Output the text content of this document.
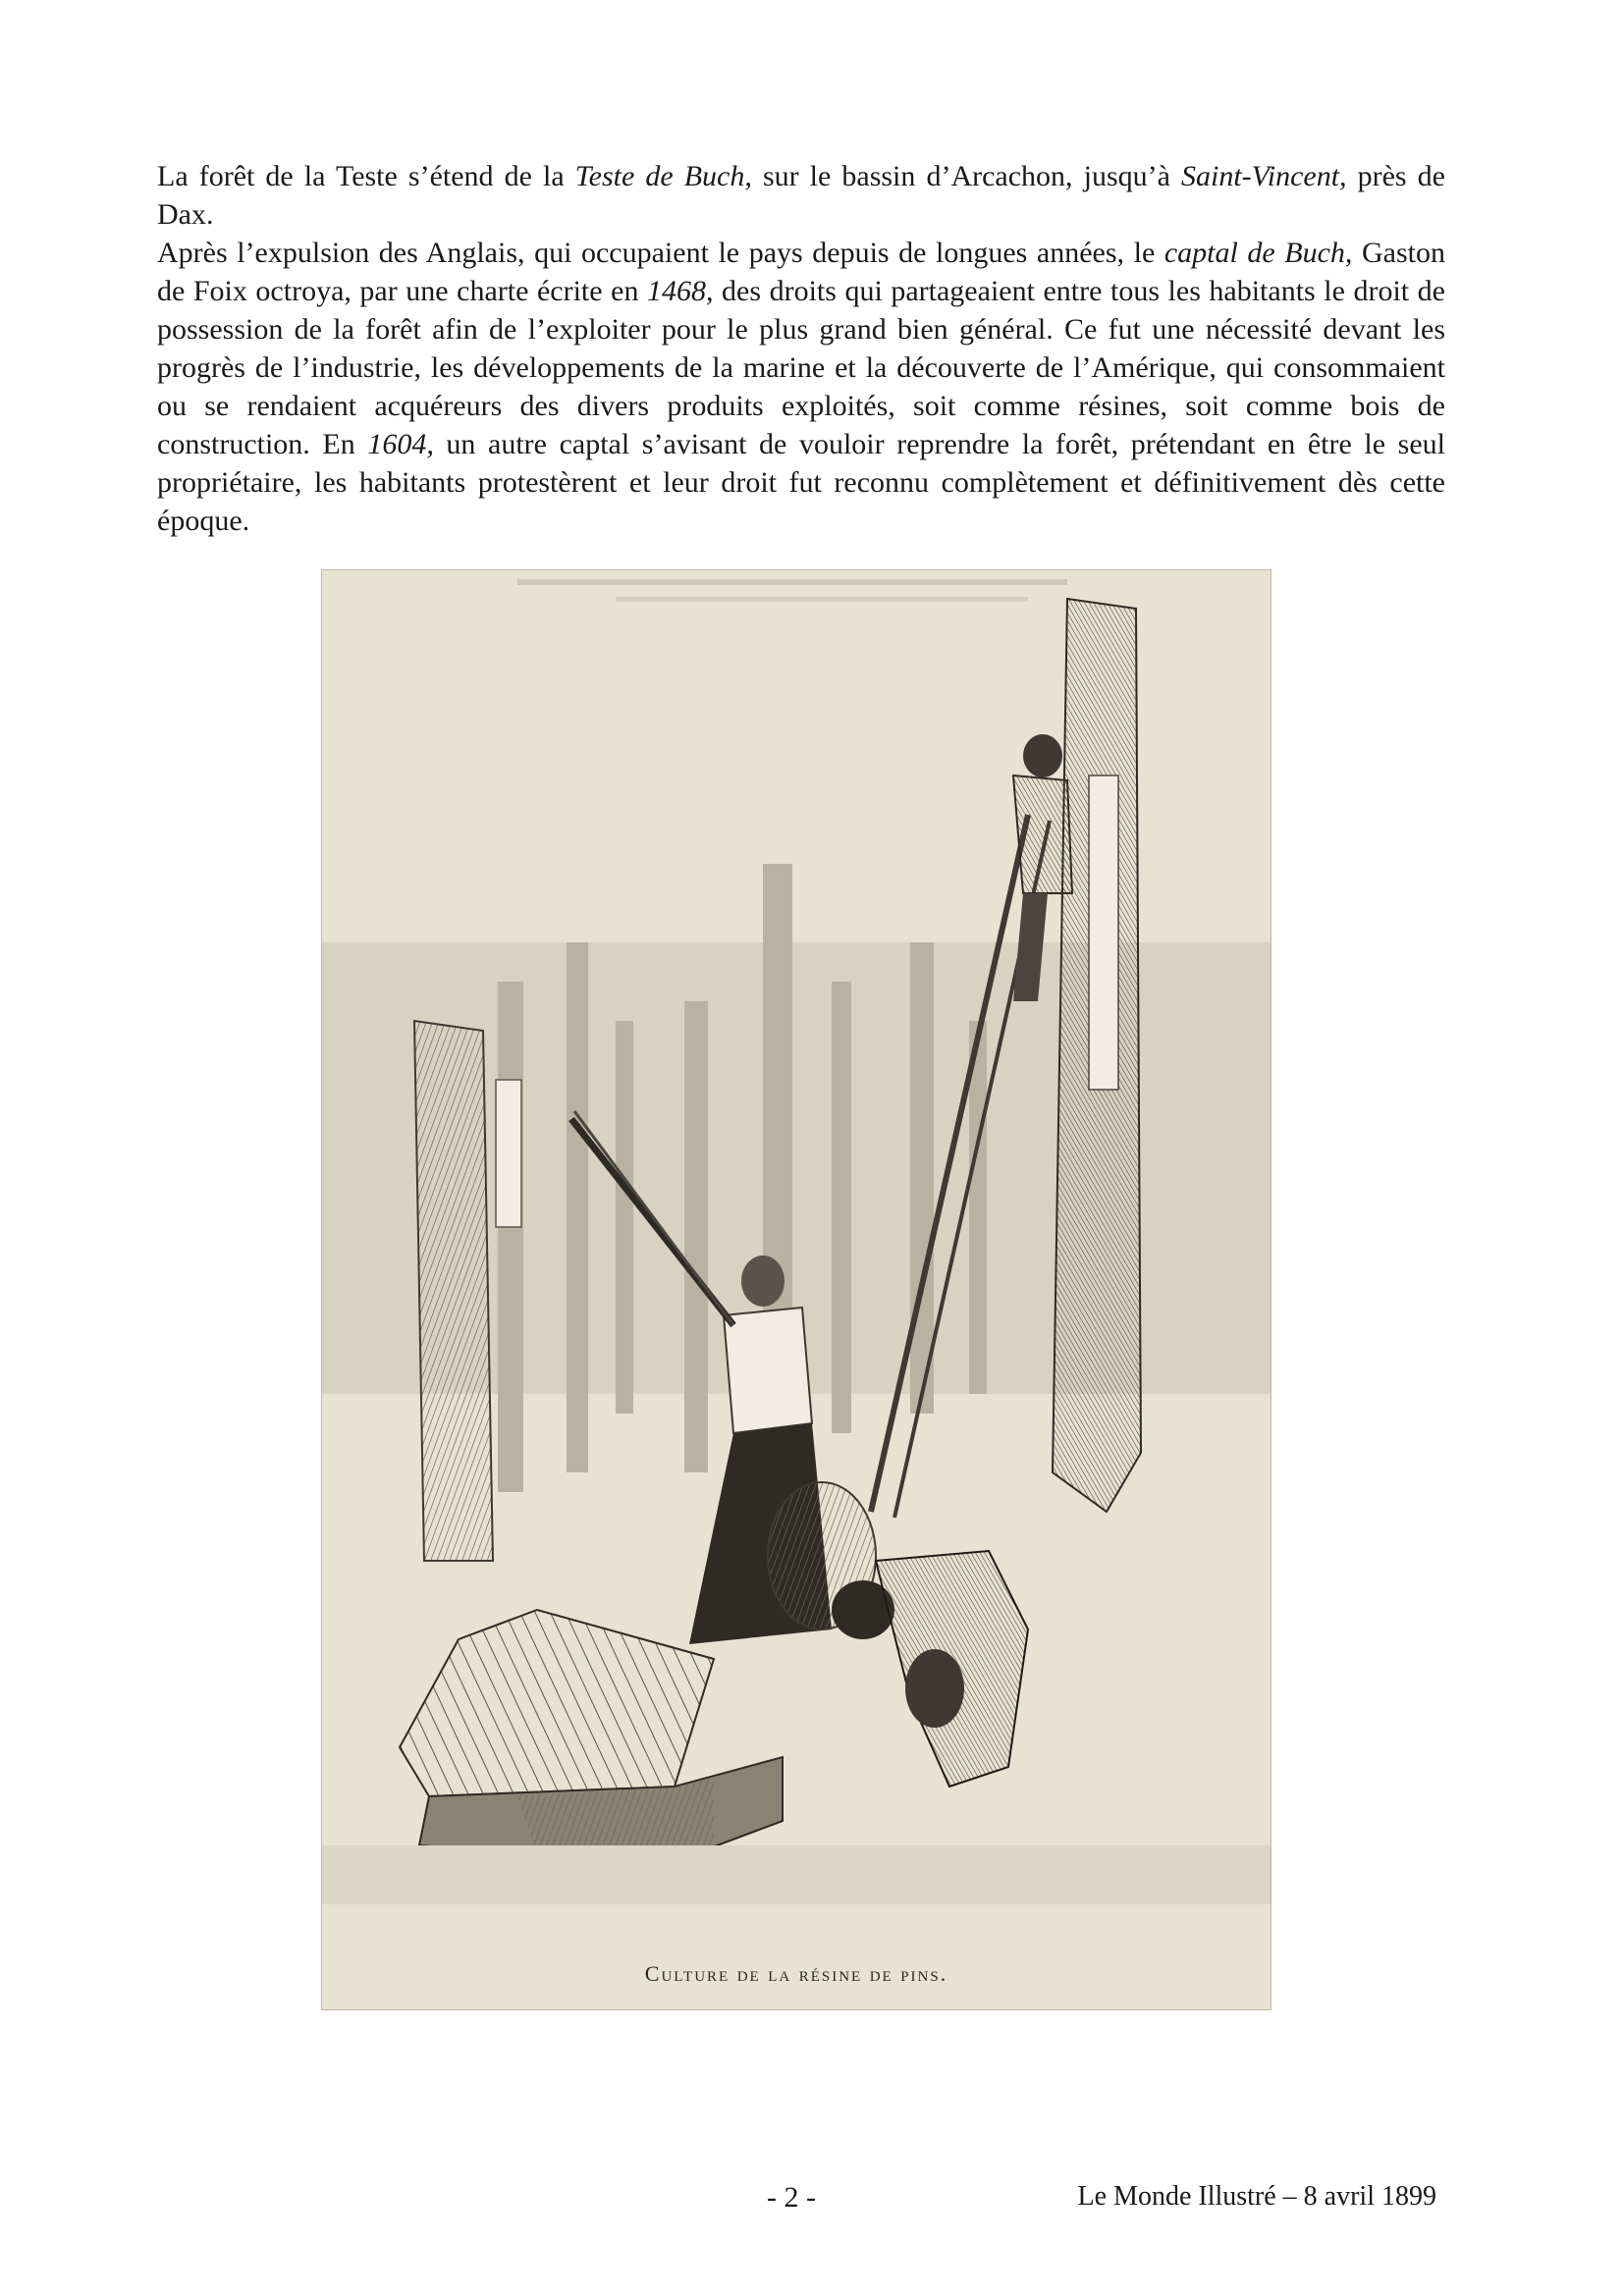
La forêt de la Teste s’étend de la Teste de Buch, sur le bassin d’Arcachon, jusqu’à Saint-Vincent, près de Dax.

Après l’expulsion des Anglais, qui occupaient le pays depuis de longues années, le captal de Buch, Gaston de Foix octroya, par une charte écrite en 1468, des droits qui partageaient entre tous les habitants le droit de possession de la forêt afin de l’exploiter pour le plus grand bien général. Ce fut une nécessité devant les progrès de l’industrie, les développements de la marine et la découverte de l’Amérique, qui consommaient ou se rendaient acquéreurs des divers produits exploités, soit comme résines, soit comme bois de construction. En 1604, un autre captal s’avisant de vouloir reprendre la forêt, prétendant en être le seul propriétaire, les habitants protestèrent et leur droit fut reconnu complètement et définitivement dès cette époque.

Culture de la résine de pins.
- 2 -	Le Monde Illustré – 8 avril 1899
